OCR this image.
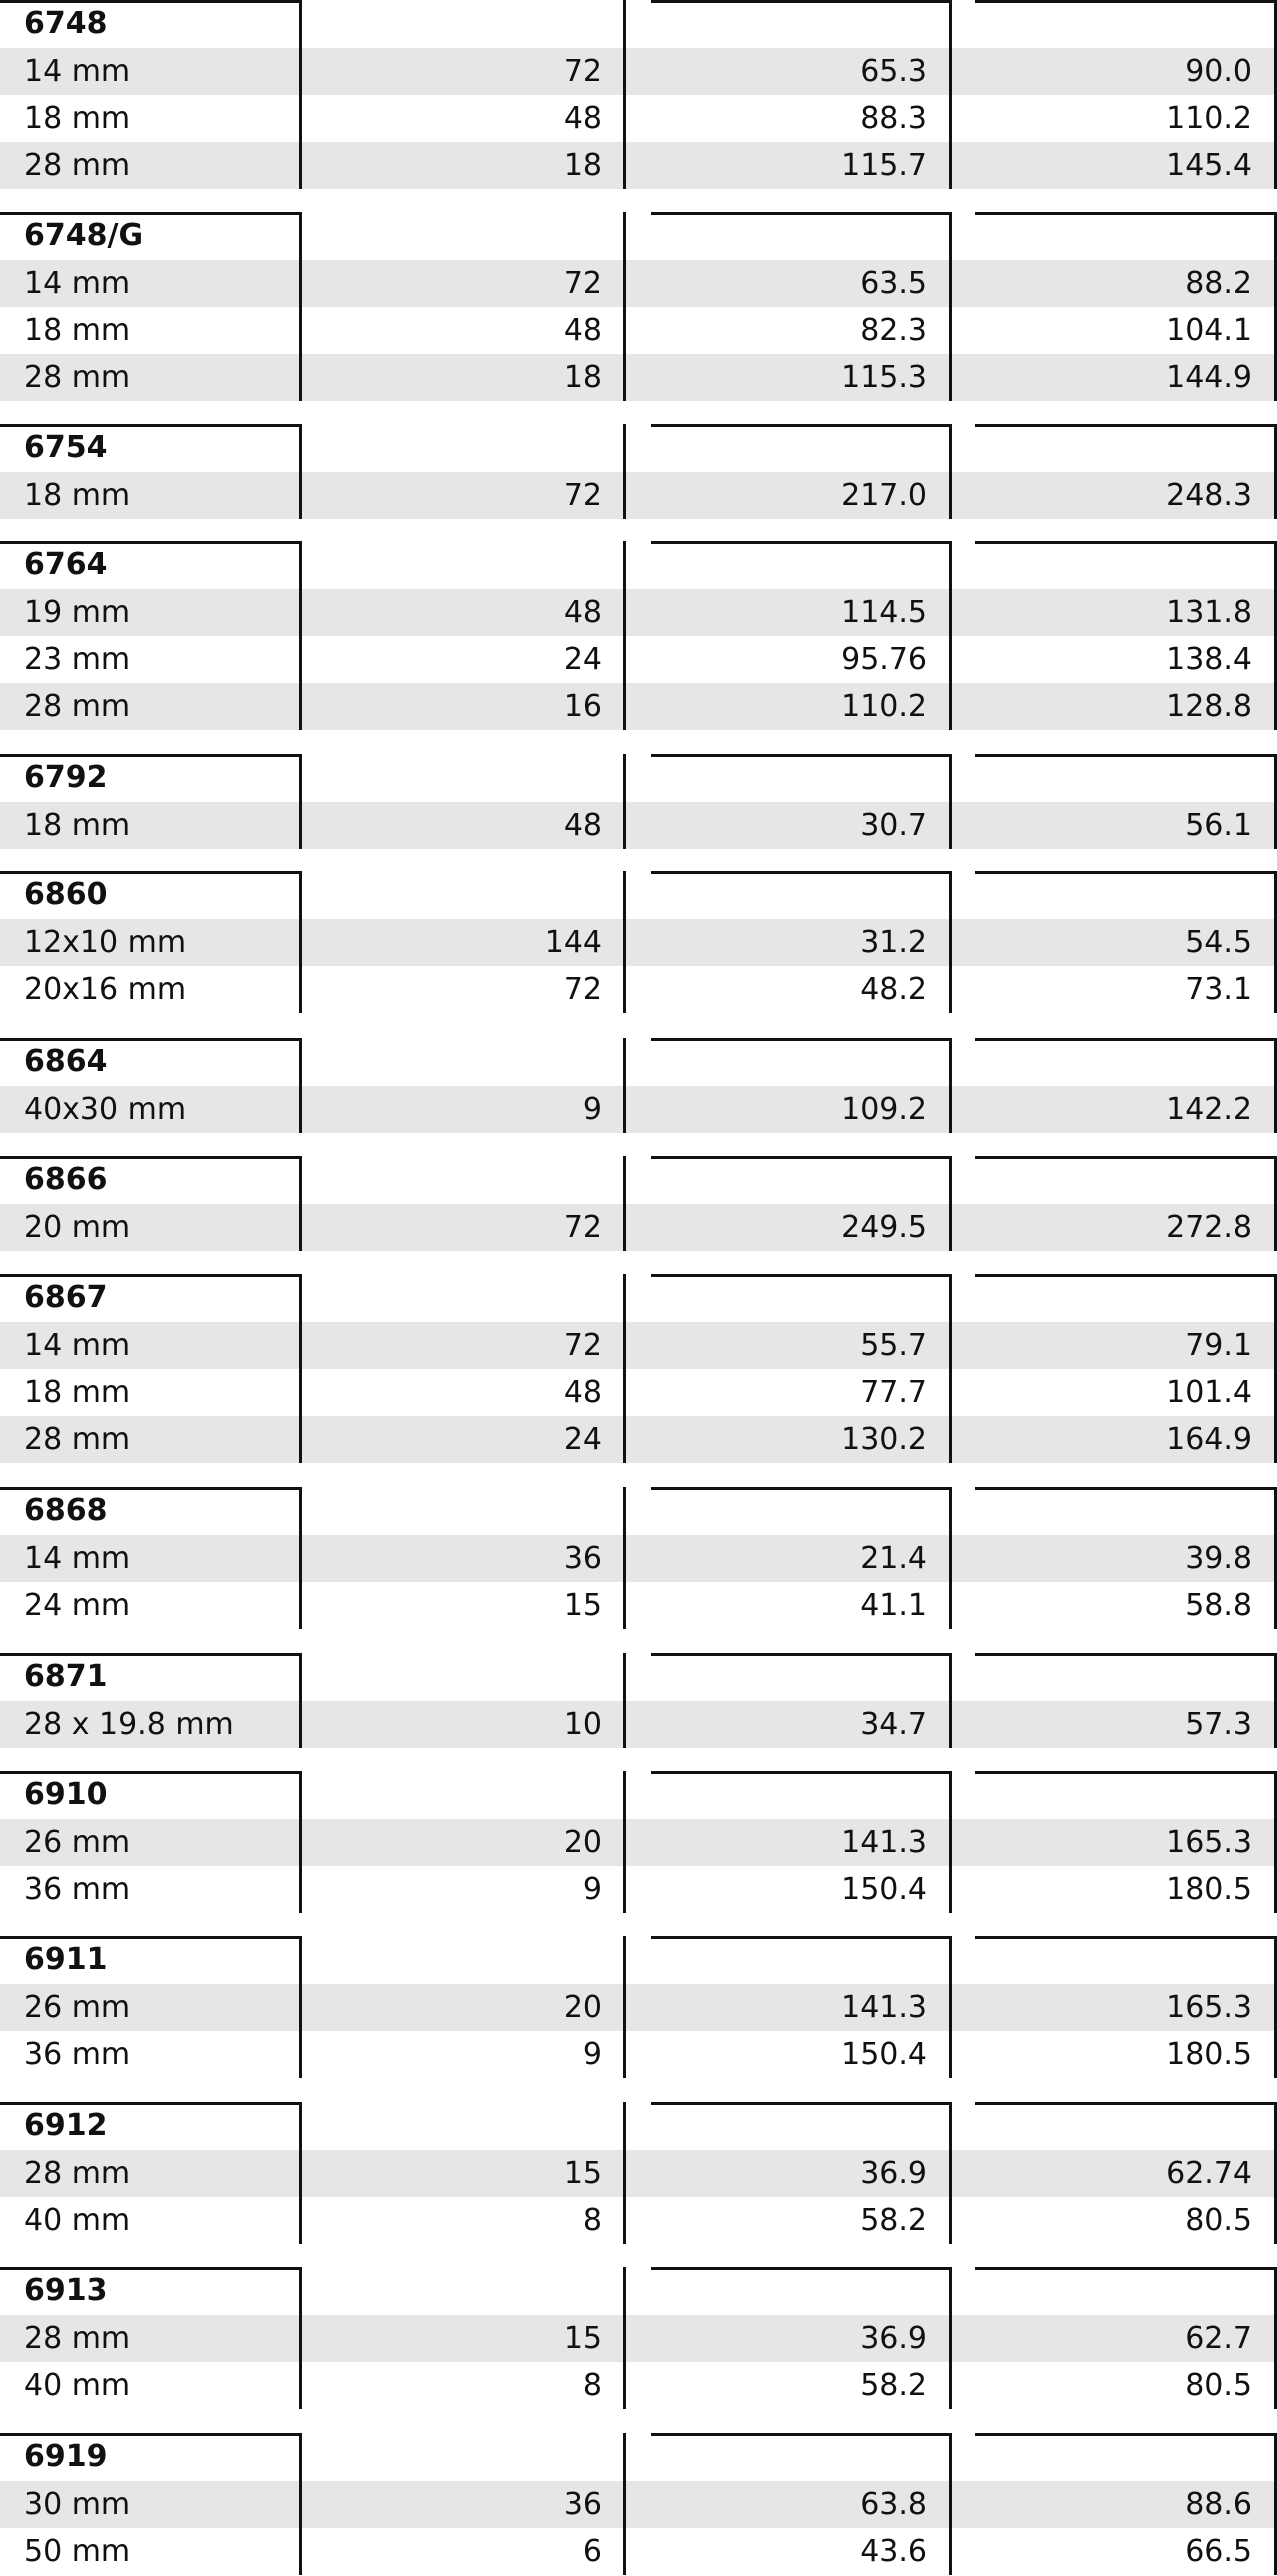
6748
14 mm	72	65.3	90.0
18 mm	48	88.3	110.2
28 mm	18	115.7	145.4
6748/G
14 mm	72	63.5	88.2
18 mm	48	82.3	104.1
28 mm	18	115.3	144.9
6754
18 mm	72	217.0	248.3
6764
19 mm	48	114.5	131.8
23 mm	24	95.76	138.4
28 mm	16	110.2	128.8
6792
18 mm	48	30.7	56.1
6860
12x10 mm	144	31.2	54.5
20x16 mm	72	48.2	73.1
6864
40x30 mm	9	109.2	142.2
6866
20 mm	72	249.5	272.8
6867
14 mm	72	55.7	79.1
18 mm	48	77.7	101.4
28 mm	24	130.2	164.9
6868
14 mm	36	21.4	39.8
24 mm	15	41.1	58.8
6871
28 x 19.8 mm	10	34.7	57.3
6910
26 mm	20	141.3	165.3
36 mm	9	150.4	180.5
6911
26 mm	20	141.3	165.3
36 mm	9	150.4	180.5
6912
28 mm	15	36.9	62.74
40 mm	8	58.2	80.5
6913
28 mm	15	36.9	62.7
40 mm	8	58.2	80.5
6919
30 mm	36	63.8	88.6
50 mm	6	43.6	66.5
